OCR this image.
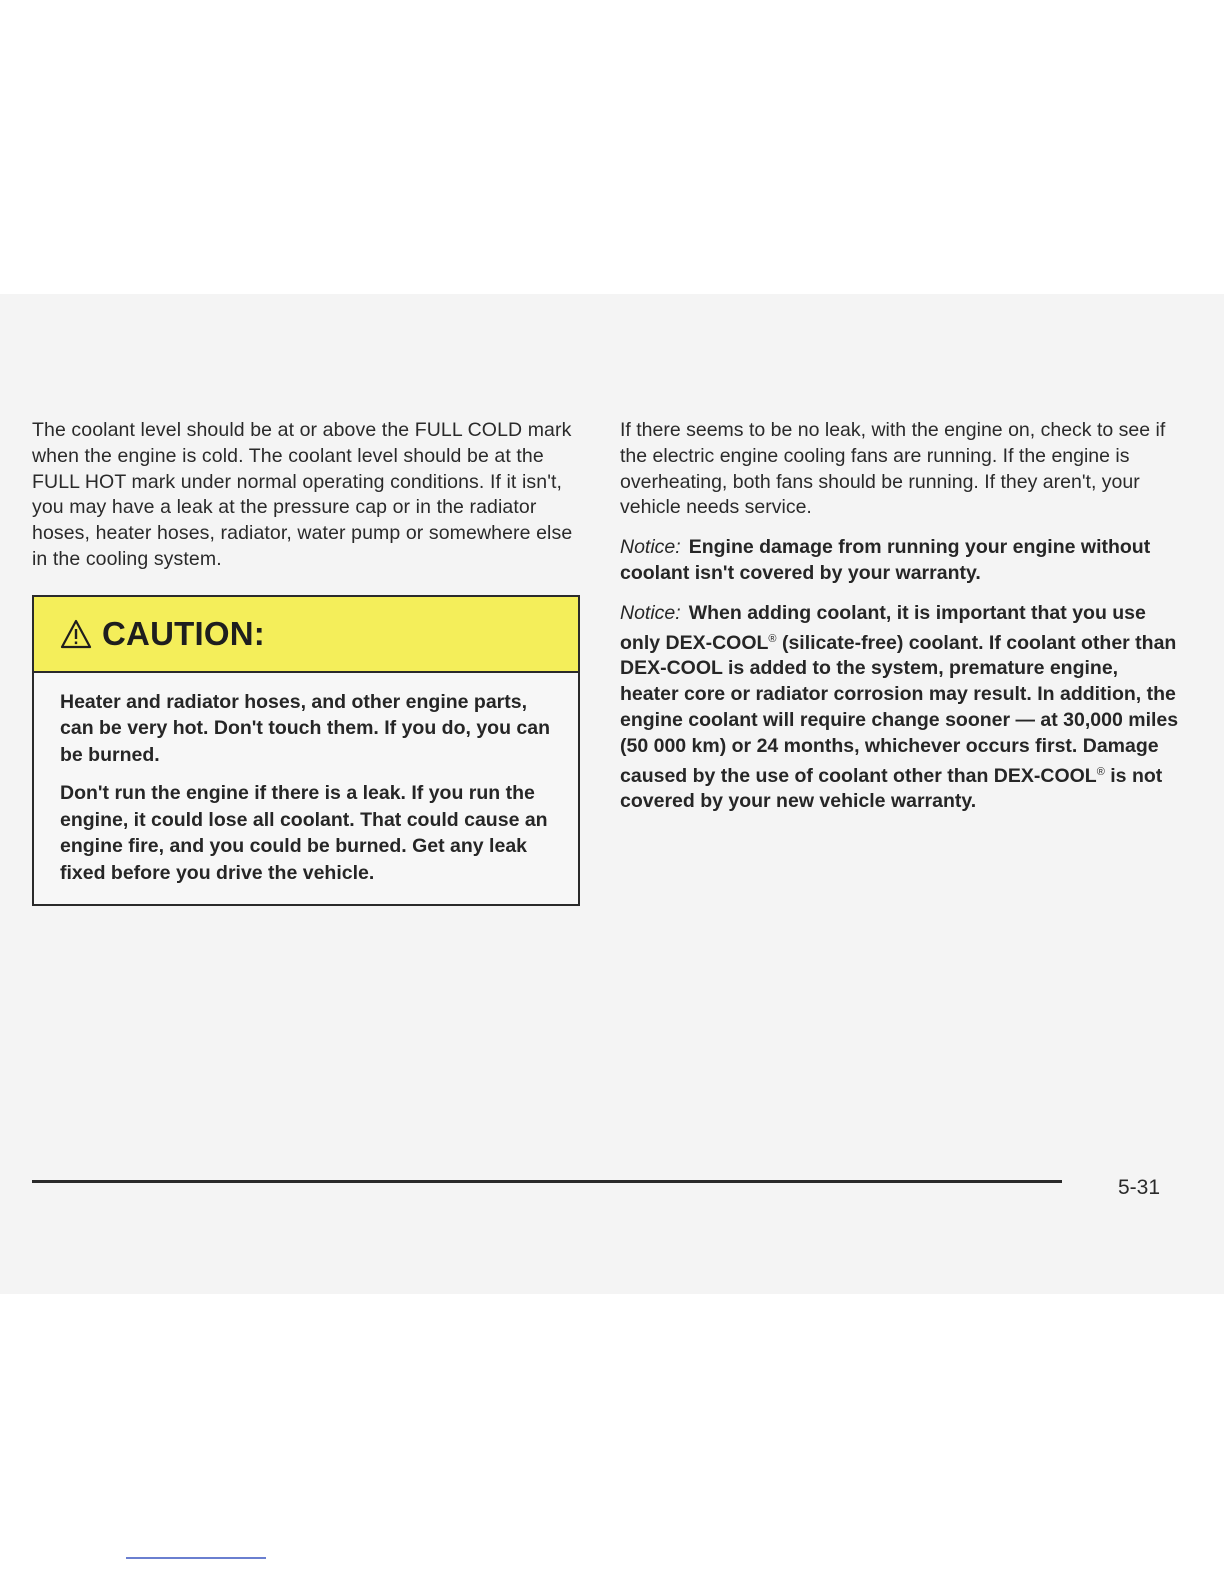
The coolant level should be at or above the FULL COLD mark when the engine is cold. The coolant level should be at the FULL HOT mark under normal operating conditions. If it isn't, you may have a leak at the pressure cap or in the radiator hoses, heater hoses, radiator, water pump or somewhere else in the cooling system.

CAUTION:

Heater and radiator hoses, and other engine parts, can be very hot. Don't touch them. If you do, you can be burned.

Don't run the engine if there is a leak. If you run the engine, it could lose all coolant. That could cause an engine fire, and you could be burned. Get any leak fixed before you drive the vehicle.

If there seems to be no leak, with the engine on, check to see if the electric engine cooling fans are running. If the engine is overheating, both fans should be running. If they aren't, your vehicle needs service.

Notice: Engine damage from running your engine without coolant isn't covered by your warranty.

Notice: When adding coolant, it is important that you use only DEX-COOL® (silicate-free) coolant. If coolant other than DEX-COOL is added to the system, premature engine, heater core or radiator corrosion may result. In addition, the engine coolant will require change sooner — at 30,000 miles (50 000 km) or 24 months, whichever occurs first. Damage caused by the use of coolant other than DEX-COOL® is not covered by your new vehicle warranty.

5-31
